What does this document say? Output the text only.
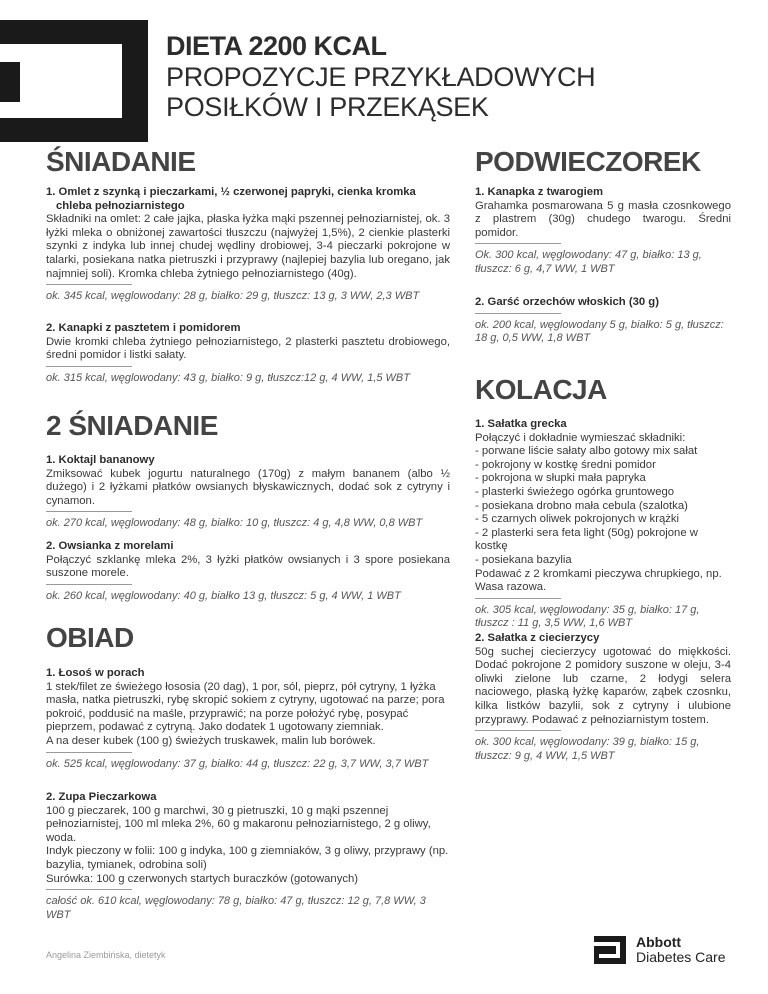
DIETA 2200 KCAL
PROPOZYCJE PRZYKŁADOWYCH
POSIŁKÓW I PRZEKĄSEK
ŚNIADANIE
1. Omlet z szynką i pieczarkami, ½ czerwonej papryki, cienka kromka
chleba pełnoziarnistego
Składniki na omlet: 2 całe jajka, płaska łyżka mąki pszennej pełnoziarnistej, ok. 3 łyżki mleka o obniżonej zawartości tłuszczu (najwyżej 1,5%), 2 cienkie plasterki szynki z indyka lub innej chudej wędliny drobiowej, 3-4 pieczarki pokrojone w talarki, posiekana natka pietruszki i przyprawy (najlepiej bazylia lub oregano, jak najmniej soli). Kromka chleba żytniego pełnoziarnistego (40g).
ok. 345 kcal, węglowodany: 28 g, białko: 29 g, tłuszcz: 13 g, 3 WW, 2,3 WBT
2. Kanapki z pasztetem i pomidorem
Dwie kromki chleba żytniego pełnoziarnistego, 2 plasterki pasztetu drobiowego, średni pomidor i listki sałaty.
ok. 315 kcal, węglowodany: 43 g, białko: 9 g, tłuszcz:12 g, 4 WW, 1,5 WBT
2 ŚNIADANIE
1. Koktajl bananowy
Zmiksować kubek jogurtu naturalnego (170g) z małym bananem (albo ½ dużego) i 2 łyżkami płatków owsianych błyskawicznych, dodać sok z cytryny i cynamon.
ok. 270 kcal, węglowodany: 48 g, białko: 10 g, tłuszcz: 4 g, 4,8 WW, 0,8 WBT
2. Owsianka z morelami
Połączyć szklankę mleka 2%, 3 łyżki płatków owsianych i 3 spore posiekana suszone morele.
ok. 260 kcal, węglowodany: 40 g, białko 13 g, tłuszcz: 5 g, 4 WW, 1 WBT
OBIAD
1. Łosoś w porach
1 stek/filet ze świeżego łososia (20 dag), 1 por, sól, pieprz, pół cytryny, 1 łyżka masła, natka pietruszki, rybę skropić sokiem z cytryny, ugotować na parze; pora pokroić, poddusić na maśle, przyprawić; na porze położyć rybę, posypać pieprzem, podawać z cytryną. Jako dodatek 1 ugotowany ziemniak.
A na deser kubek (100 g) świeżych truskawek, malin lub borówek.
ok. 525 kcal, węglowodany: 37 g, białko: 44 g, tłuszcz: 22 g, 3,7 WW, 3,7 WBT
2. Zupa Pieczarkowa
100 g pieczarek, 100 g marchwi, 30 g pietruszki, 10 g mąki pszennej pełnoziarnistej, 100 ml mleka 2%, 60 g makaronu pełnoziarnistego, 2 g oliwy, woda.
Indyk pieczony w folii: 100 g indyka, 100 g ziemniaków, 3 g oliwy, przyprawy (np. bazylia, tymianek, odrobina soli)
Surówka: 100 g czerwonych startych buraczków (gotowanych)
całość ok. 610 kcal, węglowodany: 78 g, białko: 47 g, tłuszcz: 12 g, 7,8 WW, 3 WBT
PODWIECZOREK
1. Kanapka z twarogiem
Grahamka posmarowana 5 g masła czosnkowego z plastrem (30g) chudego twarogu. Średni pomidor.
Ok. 300 kcal, węglowodany: 47 g, białko: 13 g, tłuszcz: 6 g, 4,7 WW, 1 WBT
2. Garść orzechów włoskich (30 g)
ok. 200 kcal, węglowodany 5 g, białko: 5 g, tłuszcz: 18 g, 0,5 WW, 1,8 WBT
KOLACJA
1. Sałatka grecka
Połączyć i dokładnie wymieszać składniki:
- porwane liście sałaty albo gotowy mix sałat
- pokrojony w kostkę średni pomidor
- pokrojona w słupki mała papryka
- plasterki świeżego ogórka gruntowego
- posiekana drobno mała cebula (szalotka)
- 5 czarnych oliwek pokrojonych w krążki
- 2 plasterki sera feta light (50g) pokrojone w kostkę
- posiekana bazylia
Podawać z 2 kromkami pieczywa chrupkiego, np. Wasa razowa.
ok. 305 kcal, węglowodany: 35 g, białko: 17 g, tłuszcz : 11 g, 3,5 WW, 1,6 WBT
2. Sałatka z ciecierzycy
50g suchej ciecierzycy ugotować do miękkości. Dodać pokrojone 2 pomidory suszone w oleju, 3-4 oliwki zielone lub czarne, 2 łodygi selera naciowego, płaską łyżkę kaparów, ząbek czosnku, kilka listków bazylii, sok z cytryny i ulubione przyprawy. Podawać z pełnoziarnistym tostem.
ok. 300 kcal, węglowodany: 39 g, białko: 15 g, tłuszcz: 9 g, 4 WW, 1,5 WBT
Angelina Ziembińska, dietetyk
Abbott
Diabetes Care
